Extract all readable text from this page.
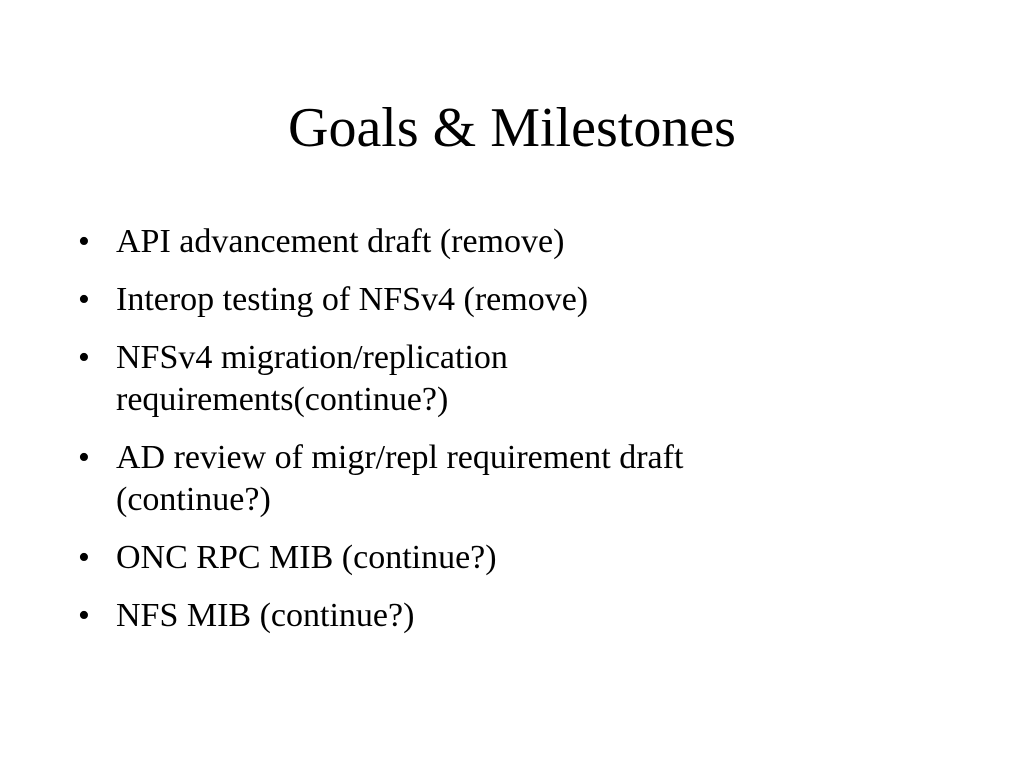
Goals & Milestones
• API advancement draft (remove)
• Interop testing of NFSv4 (remove)
• NFSv4 migration/replication
requirements(continue?)
• AD review of migr/repl requirement draft
(continue?)
• ONC RPC MIB (continue?)
• NFS MIB (continue?)
